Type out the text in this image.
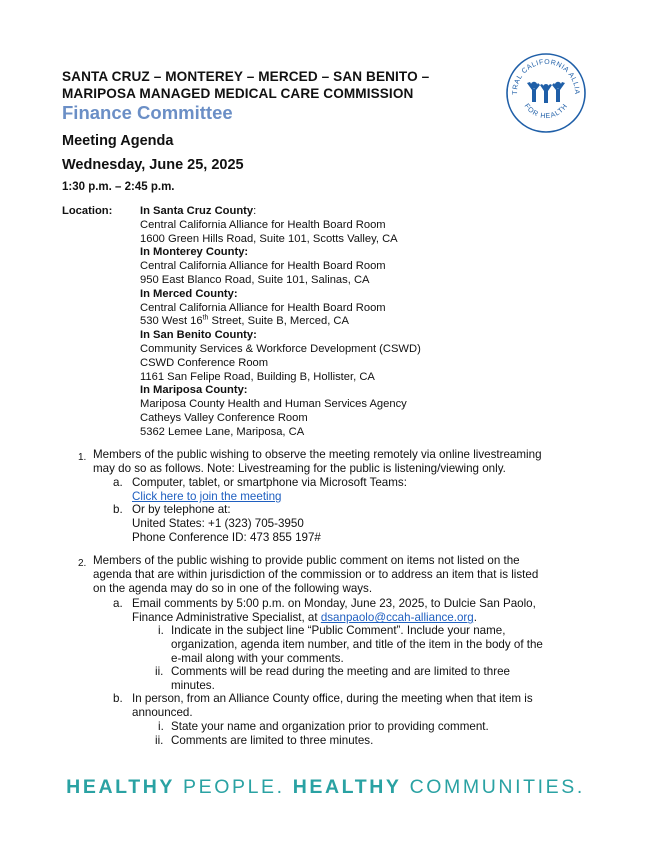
SANTA CRUZ – MONTEREY – MERCED – SAN BENITO –
MARIPOSA MANAGED MEDICAL CARE COMMISSION
Finance Committee
Meeting Agenda
Wednesday, June 25, 2025
1:30 p.m. – 2:45 p.m.
TRAL CALIFORNIA ALLIA
FOR HEALTH
Location: In Santa Cruz County:
Central California Alliance for Health Board Room
1600 Green Hills Road, Suite 101, Scotts Valley, CA
In Monterey County:
Central California Alliance for Health Board Room
950 East Blanco Road, Suite 101, Salinas, CA
In Merced County:
Central California Alliance for Health Board Room
530 West 16th Street, Suite B, Merced, CA
In San Benito County:
Community Services & Workforce Development (CSWD)
CSWD Conference Room
1161 San Felipe Road, Building B, Hollister, CA
In Mariposa County:
Mariposa County Health and Human Services Agency
Catheys Valley Conference Room
5362 Lemee Lane, Mariposa, CA
1. Members of the public wishing to observe the meeting remotely via online livestreaming
may do so as follows. Note: Livestreaming for the public is listening/viewing only.
a. Computer, tablet, or smartphone via Microsoft Teams:
Click here to join the meeting
b. Or by telephone at:
United States: +1 (323) 705-3950
Phone Conference ID: 473 855 197#
2. Members of the public wishing to provide public comment on items not listed on the
agenda that are within jurisdiction of the commission or to address an item that is listed
on the agenda may do so in one of the following ways.
a. Email comments by 5:00 p.m. on Monday, June 23, 2025, to Dulcie San Paolo,
Finance Administrative Specialist, at dsanpaolo@ccah-alliance.org.
i. Indicate in the subject line “Public Comment”. Include your name,
organization, agenda item number, and title of the item in the body of the
e-mail along with your comments.
ii. Comments will be read during the meeting and are limited to three
minutes.
b. In person, from an Alliance County office, during the meeting when that item is
announced.
i. State your name and organization prior to providing comment.
ii. Comments are limited to three minutes.
HEALTHY PEOPLE. HEALTHY COMMUNITIES.
